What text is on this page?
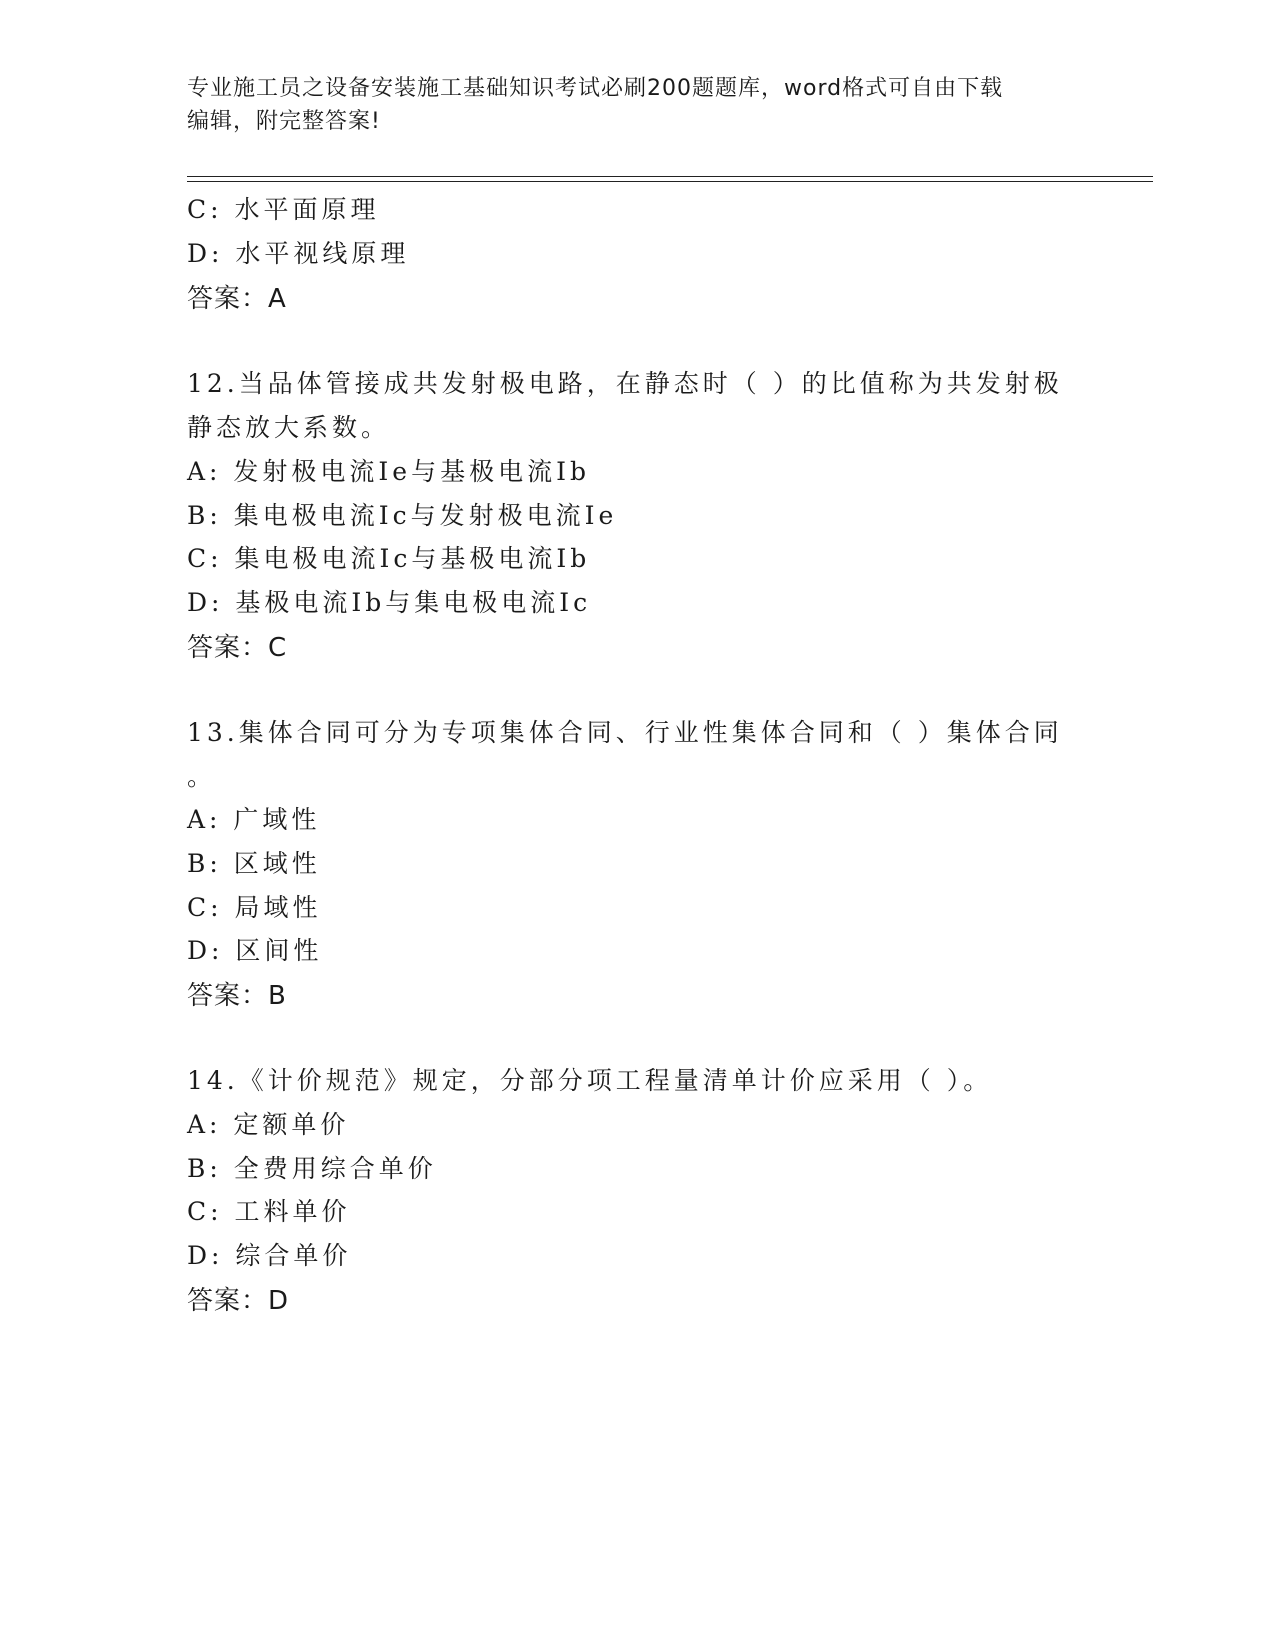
专业施工员之设备安装施工基础知识考试必刷200题题库，word格式可自由下载
编辑，附完整答案!
C: 水平面原理
D: 水平视线原理
答案：A
12.当品体管接成共发射极电路，在静态时（ ）的比值称为共发射极
静态放大系数。
A: 发射极电流Ie与基极电流Ib
B: 集电极电流Ic与发射极电流Ie
C: 集电极电流Ic与基极电流Ib
D: 基极电流Ib与集电极电流Ic
答案：C
13.集体合同可分为专项集体合同、行业性集体合同和（ ）集体合同
。
A: 广域性
B: 区域性
C: 局域性
D: 区间性
答案：B
14.《计价规范》规定，分部分项工程量清单计价应采用（ ）。
A: 定额单价
B: 全费用综合单价
C: 工料单价
D: 综合单价
答案：D
